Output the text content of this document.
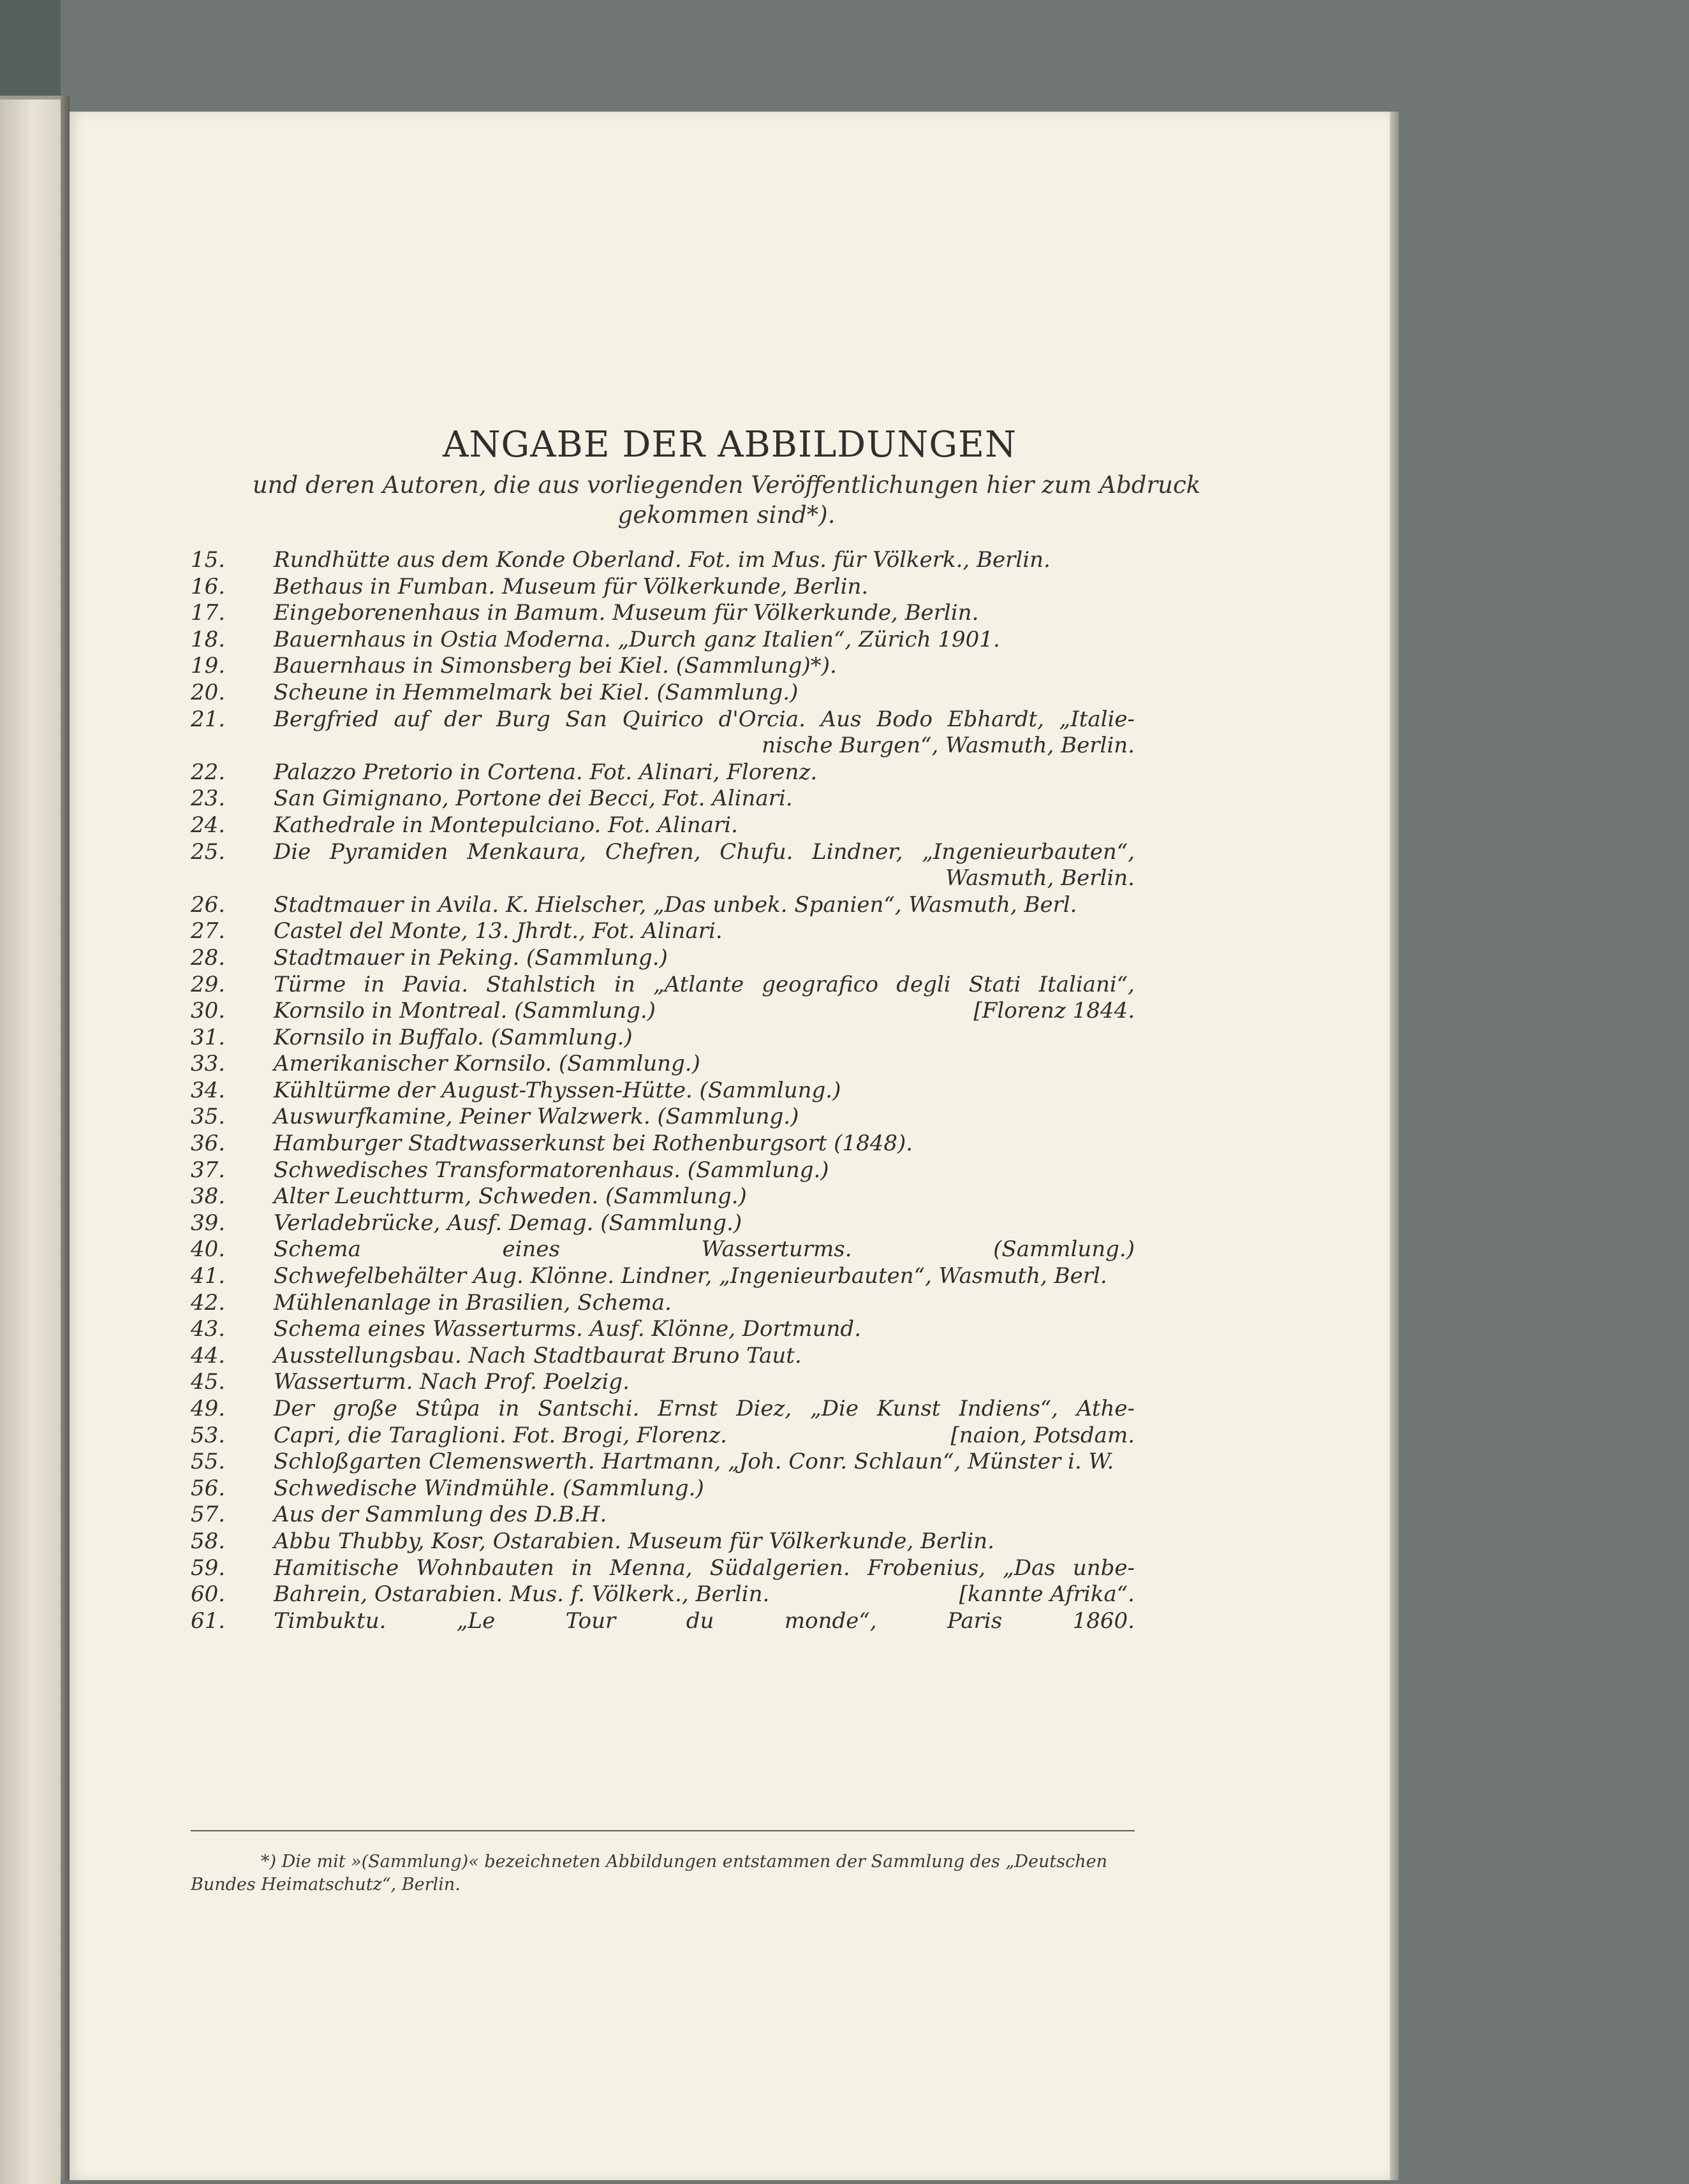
ANGABE DER ABBILDUNGEN

und deren Autoren, die aus vorliegenden Veröffentlichungen hier zum Abdruck gekommen sind*).

15.	Rundhütte aus dem Konde Oberland. Fot. im Mus. für Völkerk., Berlin.
16.	Bethaus in Fumban. Museum für Völkerkunde, Berlin.
17.	Eingeborenenhaus in Bamum. Museum für Völkerkunde, Berlin.
18.	Bauernhaus in Ostia Moderna. „Durch ganz Italien“, Zürich 1901.
19.	Bauernhaus in Simonsberg bei Kiel. (Sammlung)*).
20.	Scheune in Hemmelmark bei Kiel. (Sammlung.)
21.	Bergfried auf der Burg San Quirico d'Orcia. Aus Bodo Ebhardt, „Italie-
nische Burgen“, Wasmuth, Berlin.
22.	Palazzo Pretorio in Cortena. Fot. Alinari, Florenz.
23.	San Gimignano, Portone dei Becci, Fot. Alinari.
24.	Kathedrale in Montepulciano. Fot. Alinari.
25.	Die Pyramiden Menkaura, Chefren, Chufu. Lindner, „Ingenieurbauten“,
Wasmuth, Berlin.
26.	Stadtmauer in Avila. K. Hielscher, „Das unbek. Spanien“, Wasmuth, Berl.
27.	Castel del Monte, 13. Jhrdt., Fot. Alinari.
28.	Stadtmauer in Peking. (Sammlung.)
29.	Türme in Pavia. Stahlstich in „Atlante geografico degli Stati Italiani“,
30.	Kornsilo in Montreal. (Sammlung.)	[Florenz 1844.
31.	Kornsilo in Buffalo. (Sammlung.)
33.	Amerikanischer Kornsilo. (Sammlung.)
34.	Kühltürme der August-Thyssen-Hütte. (Sammlung.)
35.	Auswurfkamine, Peiner Walzwerk. (Sammlung.)
36.	Hamburger Stadtwasserkunst bei Rothenburgsort (1848).
37.	Schwedisches Transformatorenhaus. (Sammlung.)
38.	Alter Leuchtturm, Schweden. (Sammlung.)
39.	Verladebrücke, Ausf. Demag. (Sammlung.)
40.	Schema eines Wasserturms. (Sammlung.)
41.	Schwefelbehälter Aug. Klönne. Lindner, „Ingenieurbauten“, Wasmuth, Berl.
42.	Mühlenanlage in Brasilien, Schema.
43.	Schema eines Wasserturms. Ausf. Klönne, Dortmund.
44.	Ausstellungsbau. Nach Stadtbaurat Bruno Taut.
45.	Wasserturm. Nach Prof. Poelzig.
49.	Der große Stûpa in Santschi. Ernst Diez, „Die Kunst Indiens“, Athe-
53.	Capri, die Taraglioni. Fot. Brogi, Florenz.	[naion, Potsdam.
55.	Schloßgarten Clemenswerth. Hartmann, „Joh. Conr. Schlaun“, Münster i. W.
56.	Schwedische Windmühle. (Sammlung.)
57.	Aus der Sammlung des D.B.H.
58.	Abbu Thubby, Kosr, Ostarabien. Museum für Völkerkunde, Berlin.
59.	Hamitische Wohnbauten in Menna, Südalgerien. Frobenius, „Das unbe-
60.	Bahrein, Ostarabien. Mus. f. Völkerk., Berlin.	[kannte Afrika“.
61.	Timbuktu. „Le Tour du monde“, Paris 1860.

*) Die mit »(Sammlung)« bezeichneten Abbildungen entstammen der Sammlung des „Deutschen Bundes Heimatschutz“, Berlin.
